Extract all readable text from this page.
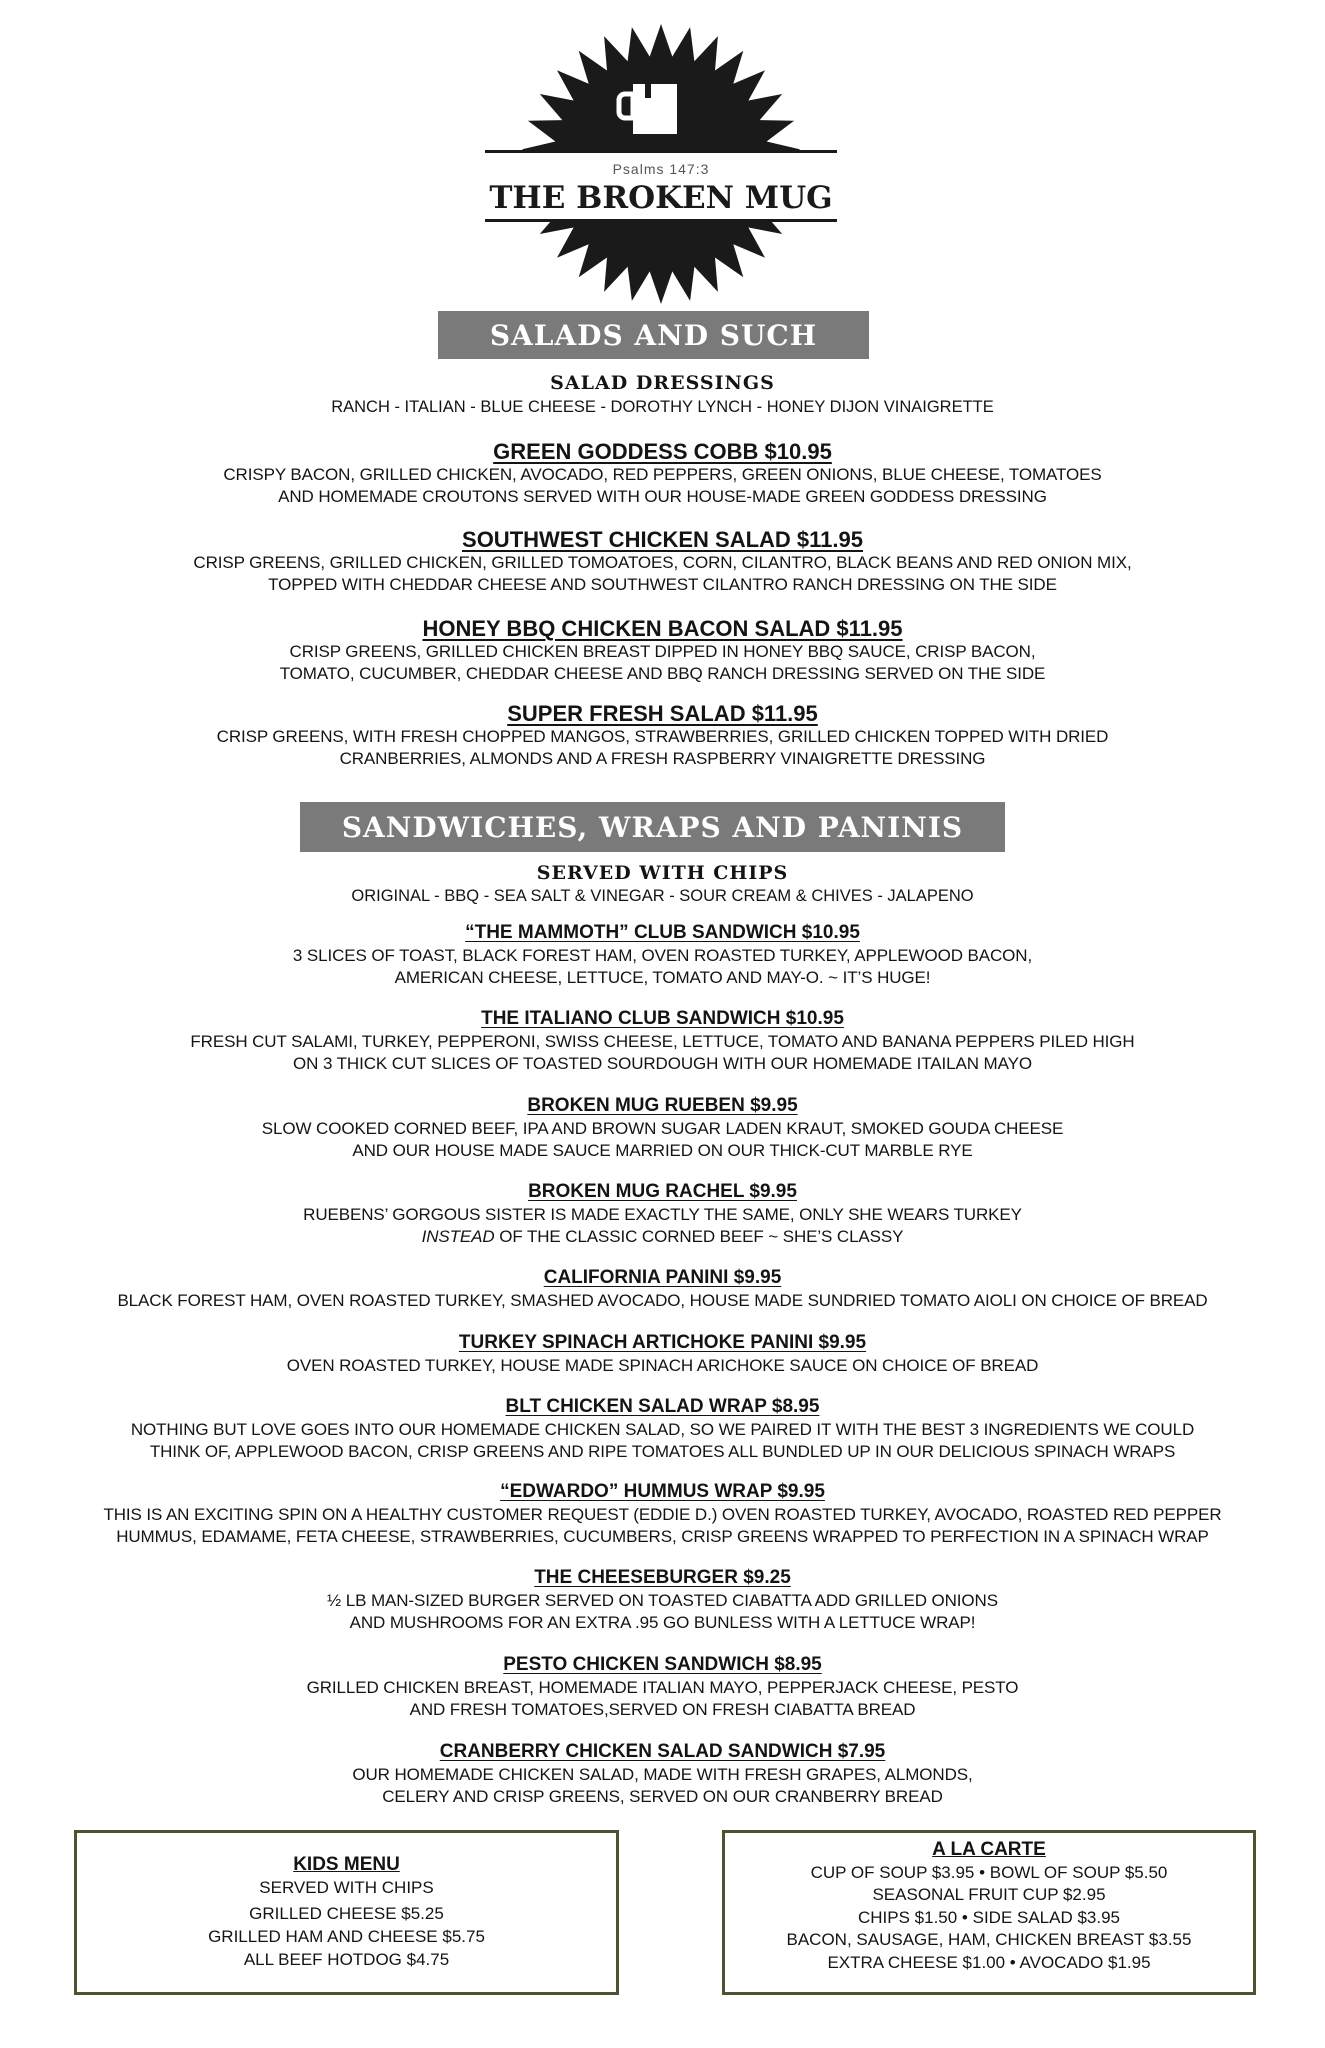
Psalms 147:3
THE BROKEN MUG
SALADS AND SUCH
SALAD DRESSINGS
RANCH - ITALIAN - BLUE CHEESE - DOROTHY LYNCH - HONEY DIJON VINAIGRETTE
GREEN GODDESS COBB $10.95
CRISPY BACON, GRILLED CHICKEN, AVOCADO, RED PEPPERS, GREEN ONIONS, BLUE CHEESE, TOMATOES
AND HOMEMADE CROUTONS SERVED WITH OUR HOUSE-MADE GREEN GODDESS DRESSING
SOUTHWEST CHICKEN SALAD $11.95
CRISP GREENS, GRILLED CHICKEN, GRILLED TOMOATOES, CORN, CILANTRO, BLACK BEANS AND RED ONION MIX,
TOPPED WITH CHEDDAR CHEESE AND SOUTHWEST CILANTRO RANCH DRESSING ON THE SIDE
HONEY BBQ CHICKEN BACON SALAD $11.95
CRISP GREENS, GRILLED CHICKEN BREAST DIPPED IN HONEY BBQ SAUCE, CRISP BACON,
TOMATO, CUCUMBER, CHEDDAR CHEESE AND BBQ RANCH DRESSING SERVED ON THE SIDE
SUPER FRESH SALAD $11.95
CRISP GREENS, WITH FRESH CHOPPED MANGOS, STRAWBERRIES, GRILLED CHICKEN TOPPED WITH DRIED
CRANBERRIES, ALMONDS AND A FRESH RASPBERRY VINAIGRETTE DRESSING
SANDWICHES, WRAPS AND PANINIS
SERVED WITH CHIPS
ORIGINAL - BBQ - SEA SALT & VINEGAR - SOUR CREAM & CHIVES - JALAPENO
“THE MAMMOTH” CLUB SANDWICH $10.95
3 SLICES OF TOAST, BLACK FOREST HAM, OVEN ROASTED TURKEY, APPLEWOOD BACON,
AMERICAN CHEESE, LETTUCE, TOMATO AND MAY-O. ~ IT’S HUGE!
THE ITALIANO CLUB SANDWICH $10.95
FRESH CUT SALAMI, TURKEY, PEPPERONI, SWISS CHEESE, LETTUCE, TOMATO AND BANANA PEPPERS PILED HIGH
ON 3 THICK CUT SLICES OF TOASTED SOURDOUGH WITH OUR HOMEMADE ITAILAN MAYO
BROKEN MUG RUEBEN $9.95
SLOW COOKED CORNED BEEF, IPA AND BROWN SUGAR LADEN KRAUT, SMOKED GOUDA CHEESE
AND OUR HOUSE MADE SAUCE MARRIED ON OUR THICK-CUT MARBLE RYE
BROKEN MUG RACHEL $9.95
RUEBENS’ GORGOUS SISTER IS MADE EXACTLY THE SAME, ONLY SHE WEARS TURKEY
INSTEAD OF THE CLASSIC CORNED BEEF ~ SHE’S CLASSY
CALIFORNIA PANINI $9.95
BLACK FOREST HAM, OVEN ROASTED TURKEY, SMASHED AVOCADO, HOUSE MADE SUNDRIED TOMATO AIOLI ON CHOICE OF BREAD
TURKEY SPINACH ARTICHOKE PANINI $9.95
OVEN ROASTED TURKEY, HOUSE MADE SPINACH ARICHOKE SAUCE ON CHOICE OF BREAD
BLT CHICKEN SALAD WRAP $8.95
NOTHING BUT LOVE GOES INTO OUR HOMEMADE CHICKEN SALAD, SO WE PAIRED IT WITH THE BEST 3 INGREDIENTS WE COULD
THINK OF, APPLEWOOD BACON, CRISP GREENS AND RIPE TOMATOES ALL BUNDLED UP IN OUR DELICIOUS SPINACH WRAPS
“EDWARDO” HUMMUS WRAP $9.95
THIS IS AN EXCITING SPIN ON A HEALTHY CUSTOMER REQUEST (EDDIE D.) OVEN ROASTED TURKEY, AVOCADO, ROASTED RED PEPPER
HUMMUS, EDAMAME, FETA CHEESE, STRAWBERRIES, CUCUMBERS, CRISP GREENS WRAPPED TO PERFECTION IN A SPINACH WRAP
THE CHEESEBURGER $9.25
½ LB MAN-SIZED BURGER SERVED ON TOASTED CIABATTA ADD GRILLED ONIONS
AND MUSHROOMS FOR AN EXTRA .95 GO BUNLESS WITH A LETTUCE WRAP!
PESTO CHICKEN SANDWICH $8.95
GRILLED CHICKEN BREAST, HOMEMADE ITALIAN MAYO, PEPPERJACK CHEESE, PESTO
AND FRESH TOMATOES,SERVED ON FRESH CIABATTA BREAD
CRANBERRY CHICKEN SALAD SANDWICH $7.95
OUR HOMEMADE CHICKEN SALAD, MADE WITH FRESH GRAPES, ALMONDS,
CELERY AND CRISP GREENS, SERVED ON OUR CRANBERRY BREAD
KIDS MENU
SERVED WITH CHIPS
GRILLED CHEESE $5.25
GRILLED HAM AND CHEESE $5.75
ALL BEEF HOTDOG $4.75
A LA CARTE
CUP OF SOUP $3.95 • BOWL OF SOUP $5.50
SEASONAL FRUIT CUP $2.95
CHIPS $1.50 • SIDE SALAD $3.95
BACON, SAUSAGE, HAM, CHICKEN BREAST $3.55
EXTRA CHEESE $1.00 • AVOCADO $1.95
